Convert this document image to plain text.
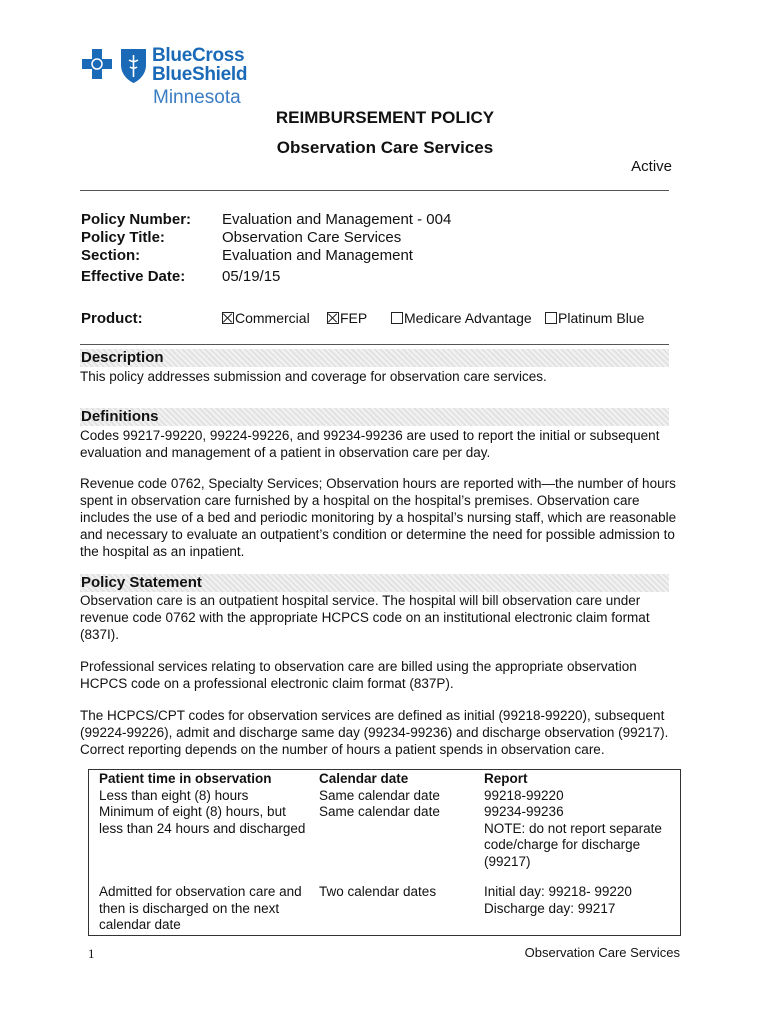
BlueCross
BlueShield
Minnesota
REIMBURSEMENT POLICY
Observation Care Services
Active
Policy Number: Evaluation and Management - 004
Policy Title:	Observation Care Services
Section:	Evaluation and Management
Effective Date: 05/19/15
Product:	Commercial	FEP	Medicare Advantage	Platinum Blue
Description
This policy addresses submission and coverage for observation care services.
Definitions
Codes 99217-99220, 99224-99226, and 99234-99236 are used to report the initial or subsequent evaluation and management of a patient in observation care per day.
Revenue code 0762, Specialty Services; Observation hours are reported with—the number of hours spent in observation care furnished by a hospital on the hospital’s premises. Observation care includes the use of a bed and periodic monitoring by a hospital’s nursing staff, which are reasonable and necessary to evaluate an outpatient’s condition or determine the need for possible admission to the hospital as an inpatient.
Policy Statement
Observation care is an outpatient hospital service. The hospital will bill observation care under revenue code 0762 with the appropriate HCPCS code on an institutional electronic claim format (837I).
Professional services relating to observation care are billed using the appropriate observation HCPCS code on a professional electronic claim format (837P).
The HCPCS/CPT codes for observation services are defined as initial (99218-99220), subsequent (99224-99226), admit and discharge same day (99234-99236) and discharge observation (99217). Correct reporting depends on the number of hours a patient spends in observation care.
Patient time in observation	Calendar date	Report
Less than eight (8) hours	Same calendar date	99218-99220
Minimum of eight (8) hours, but less than 24 hours and discharged	Same calendar date	99234-99236
NOTE: do not report separate code/charge for discharge (99217)
Admitted for observation care and then is discharged on the next calendar date	Two calendar dates	Initial day: 99218- 99220
Discharge day: 99217
1	Observation Care Services
